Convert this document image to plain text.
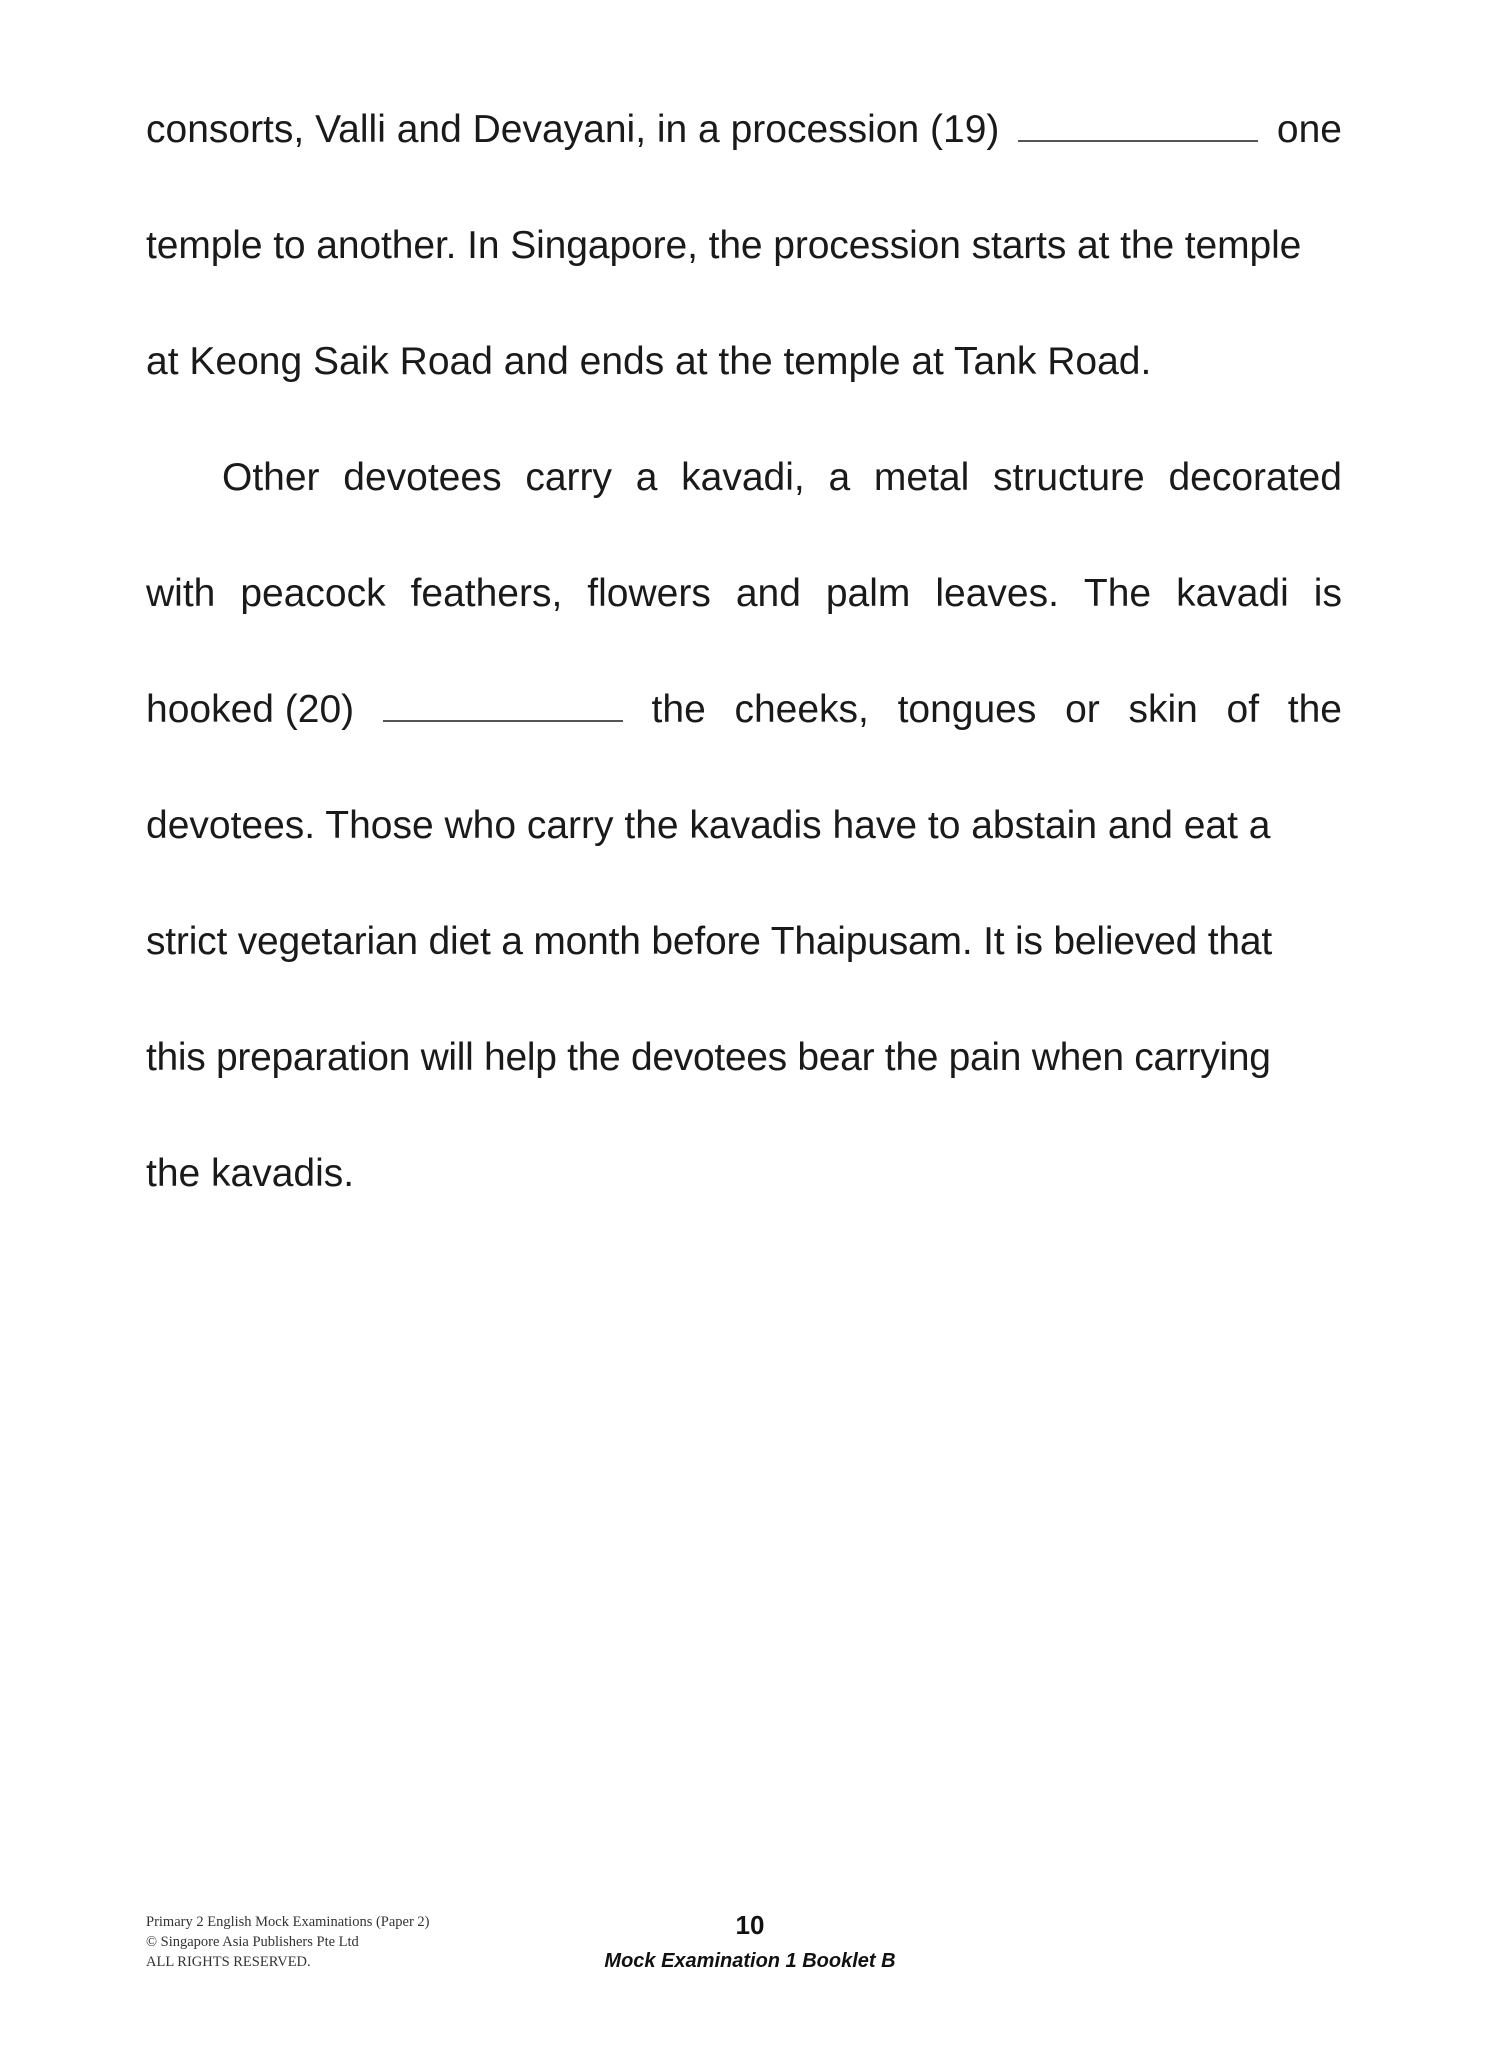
consorts, Valli and Devayani, in a procession (19)	one
temple to another. In Singapore, the procession starts at the temple
at Keong Saik Road and ends at the temple at Tank Road.
Other devotees carry a kavadi, a metal structure decorated
with peacock feathers, flowers and palm leaves. The kavadi is
hooked (20)	the cheeks, tongues or skin of the
devotees. Those who carry the kavadis have to abstain and eat a
strict vegetarian diet a month before Thaipusam. It is believed that
this preparation will help the devotees bear the pain when carrying
the kavadis.
Primary 2 English Mock Examinations (Paper 2)
© Singapore Asia Publishers Pte Ltd
ALL RIGHTS RESERVED.
10
Mock Examination 1 Booklet B
